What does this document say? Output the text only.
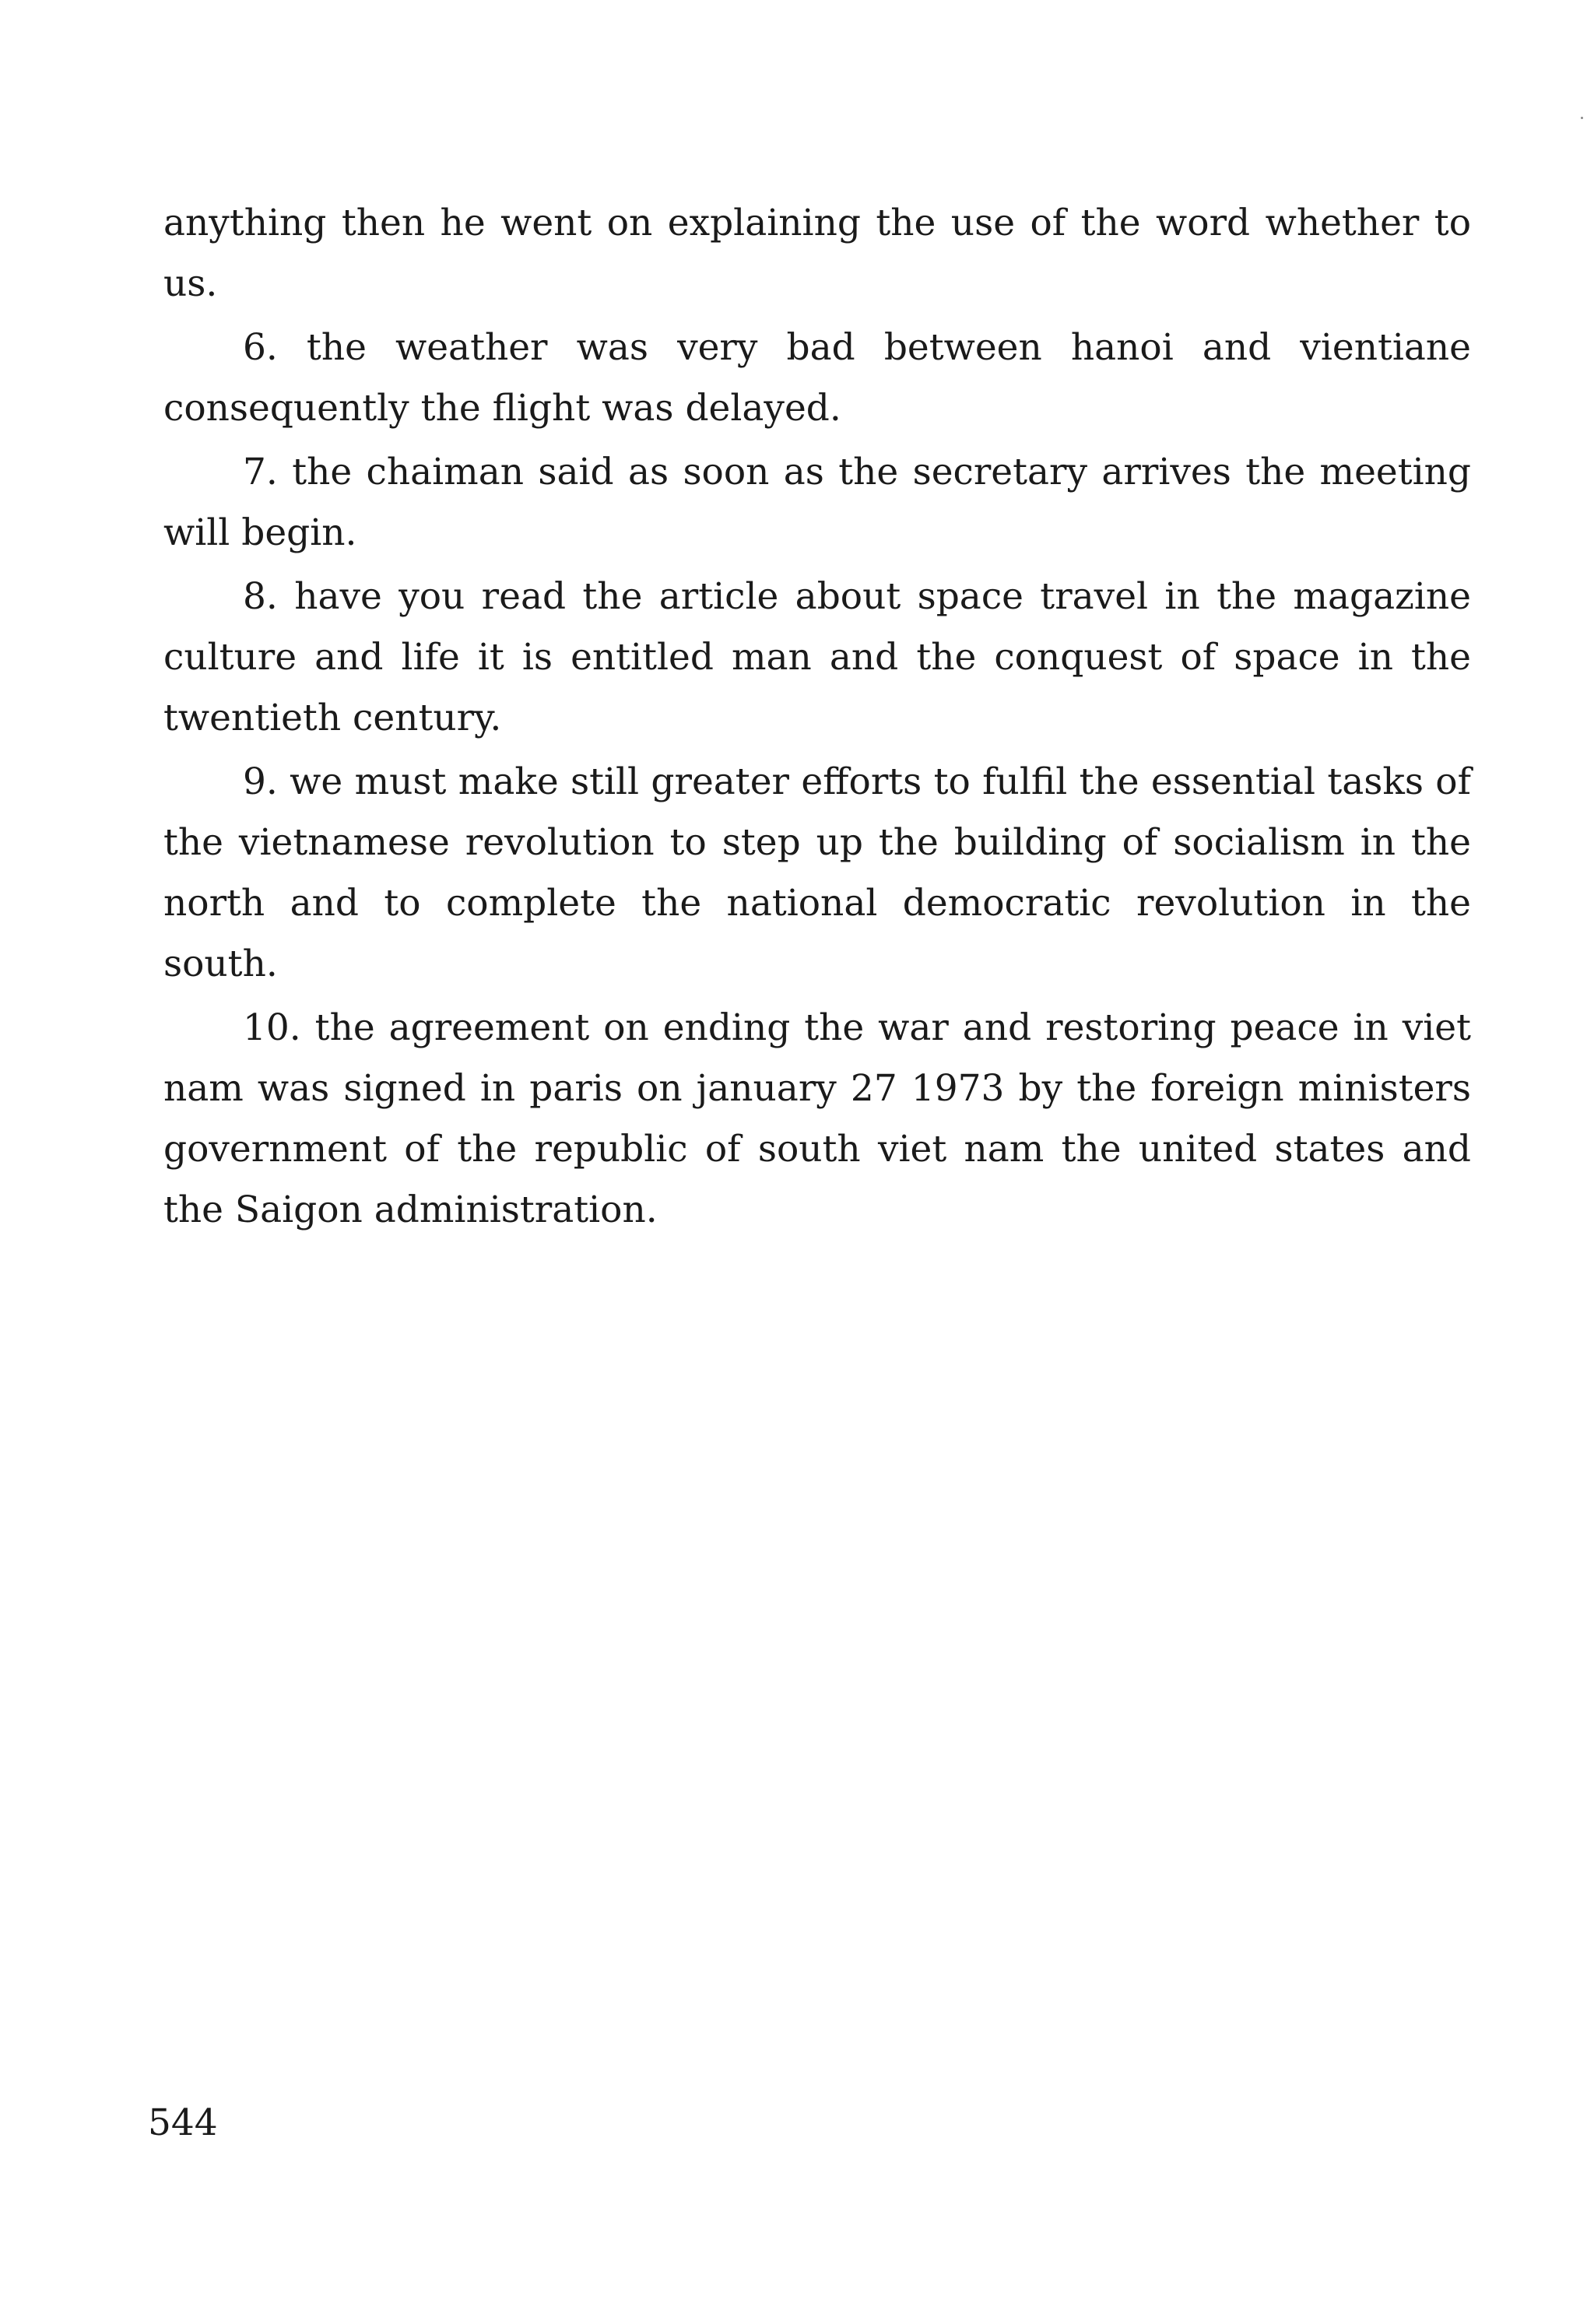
anything then he went on explaining the use of the word whether to us.

6. the weather was very bad between hanoi and vientiane consequently the flight was delayed.

7. the chaiman said as soon as the secretary arrives the meeting will begin.

8. have you read the article about space travel in the magazine culture and life it is entitled man and the conquest of space in the twentieth century.

9. we must make still greater efforts to fulfil the essential tasks of the vietnamese revolution to step up the building of socialism in the north and to complete the national democratic revolution in the south.

10. the agreement on ending the war and restoring peace in viet nam was signed in paris on january 27 1973 by the foreign ministers government of the republic of south viet nam the united states and the Saigon administration.

544
